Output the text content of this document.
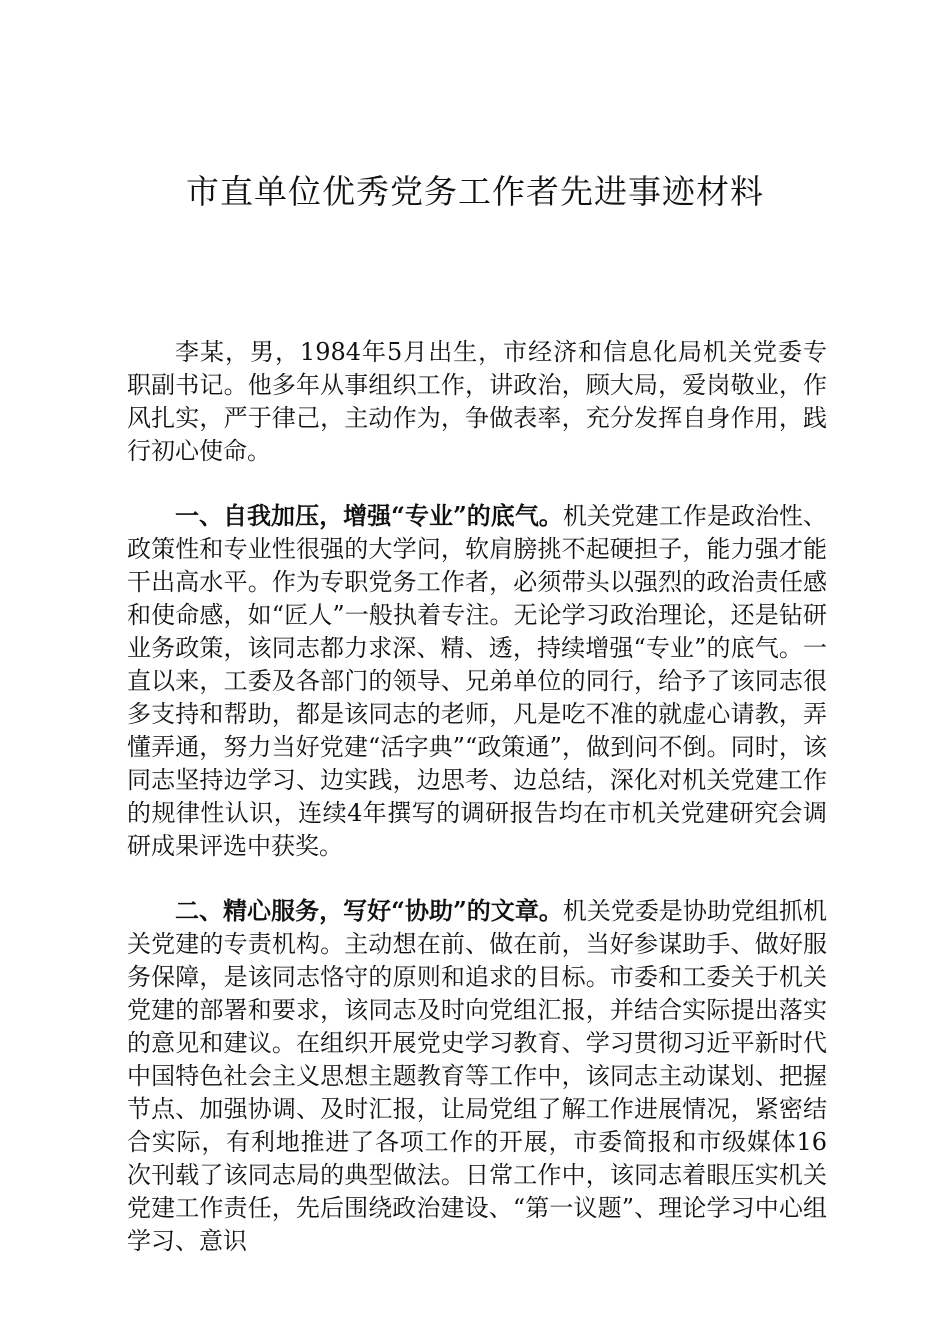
市直单位优秀党务工作者先进事迹材料

李某，男，1984年5月出生，市经济和信息化局机关党委专职副书记。他多年从事组织工作，讲政治，顾大局，爱岗敬业，作风扎实，严于律己，主动作为，争做表率，充分发挥自身作用，践行初心使命。

一、自我加压，增强“专业”的底气。机关党建工作是政治性、政策性和专业性很强的大学问，软肩膀挑不起硬担子，能力强才能干出高水平。作为专职党务工作者，必须带头以强烈的政治责任感和使命感，如“匠人”一般执着专注。无论学习政治理论，还是钻研业务政策，该同志都力求深、精、透，持续增强“专业”的底气。一直以来，工委及各部门的领导、兄弟单位的同行，给予了该同志很多支持和帮助，都是该同志的老师，凡是吃不准的就虚心请教，弄懂弄通，努力当好党建“活字典”“政策通”，做到问不倒。同时，该同志坚持边学习、边实践，边思考、边总结，深化对机关党建工作的规律性认识，连续4年撰写的调研报告均在市机关党建研究会调研成果评选中获奖。

二、精心服务，写好“协助”的文章。机关党委是协助党组抓机关党建的专责机构。主动想在前、做在前，当好参谋助手、做好服务保障，是该同志恪守的原则和追求的目标。市委和工委关于机关党建的部署和要求，该同志及时向党组汇报，并结合实际提出落实的意见和建议。在组织开展党史学习教育、学习贯彻习近平新时代中国特色社会主义思想主题教育等工作中，该同志主动谋划、把握节点、加强协调、及时汇报，让局党组了解工作进展情况，紧密结合实际，有利地推进了各项工作的开展，市委简报和市级媒体16次刊载了该同志局的典型做法。日常工作中，该同志着眼压实机关党建工作责任，先后围绕政治建设、“第一议题”、理论学习中心组学习、意识
